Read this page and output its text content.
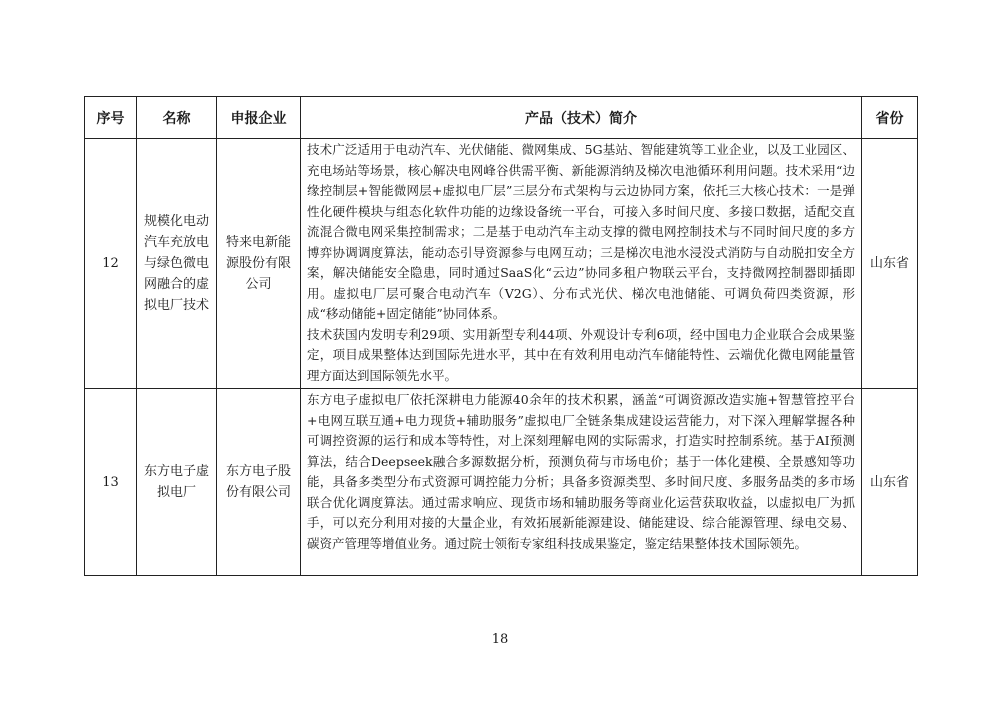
序号	名称	申报企业	产品（技术）简介	省份
12	规模化电动汽车充放电与绿色微电网融合的虚拟电厂技术	特来电新能源股份有限公司	技术广泛适用于电动汽车、光伏储能、微网集成、5G基站、智能建筑等工业企业，以及工业园区、充电场站等场景，核心解决电网峰谷供需平衡、新能源消纳及梯次电池循环利用问题。技术采用“边缘控制层+智能微网层+虚拟电厂层”三层分布式架构与云边协同方案，依托三大核心技术：一是弹性化硬件模块与组态化软件功能的边缘设备统一平台，可接入多时间尺度、多接口数据，适配交直流混合微电网采集控制需求；二是基于电动汽车主动支撑的微电网控制技术与不同时间尺度的多方博弈协调调度算法，能动态引导资源参与电网互动；三是梯次电池水浸没式消防与自动脱扣安全方案，解决储能安全隐患，同时通过SaaS化“云边”协同多租户物联云平台，支持微网控制器即插即用。虚拟电厂层可聚合电动汽车（V2G）、分布式光伏、梯次电池储能、可调负荷四类资源，形成“移动储能+固定储能”协同体系。

技术获国内发明专利29项、实用新型专利44项、外观设计专利6项，经中国电力企业联合会成果鉴定，项目成果整体达到国际先进水平，其中在有效利用电动汽车储能特性、云端优化微电网能量管理方面达到国际领先水平。	山东省
13	东方电子虚拟电厂	东方电子股份有限公司	东方电子虚拟电厂依托深耕电力能源40余年的技术积累，涵盖“可调资源改造实施+智慧管控平台+电网互联互通+电力现货+辅助服务”虚拟电厂全链条集成建设运营能力，对下深入理解掌握各种可调控资源的运行和成本等特性，对上深刻理解电网的实际需求，打造实时控制系统。基于AI预测算法，结合Deepseek融合多源数据分析，预测负荷与市场电价；基于一体化建模、全景感知等功能，具备多类型分布式资源可调控能力分析；具备多资源类型、多时间尺度、多服务品类的多市场联合优化调度算法。通过需求响应、现货市场和辅助服务等商业化运营获取收益，以虚拟电厂为抓手，可以充分利用对接的大量企业，有效拓展新能源建设、储能建设、综合能源管理、绿电交易、碳资产管理等增值业务。通过院士领衔专家组科技成果鉴定，鉴定结果整体技术国际领先。	山东省
18
